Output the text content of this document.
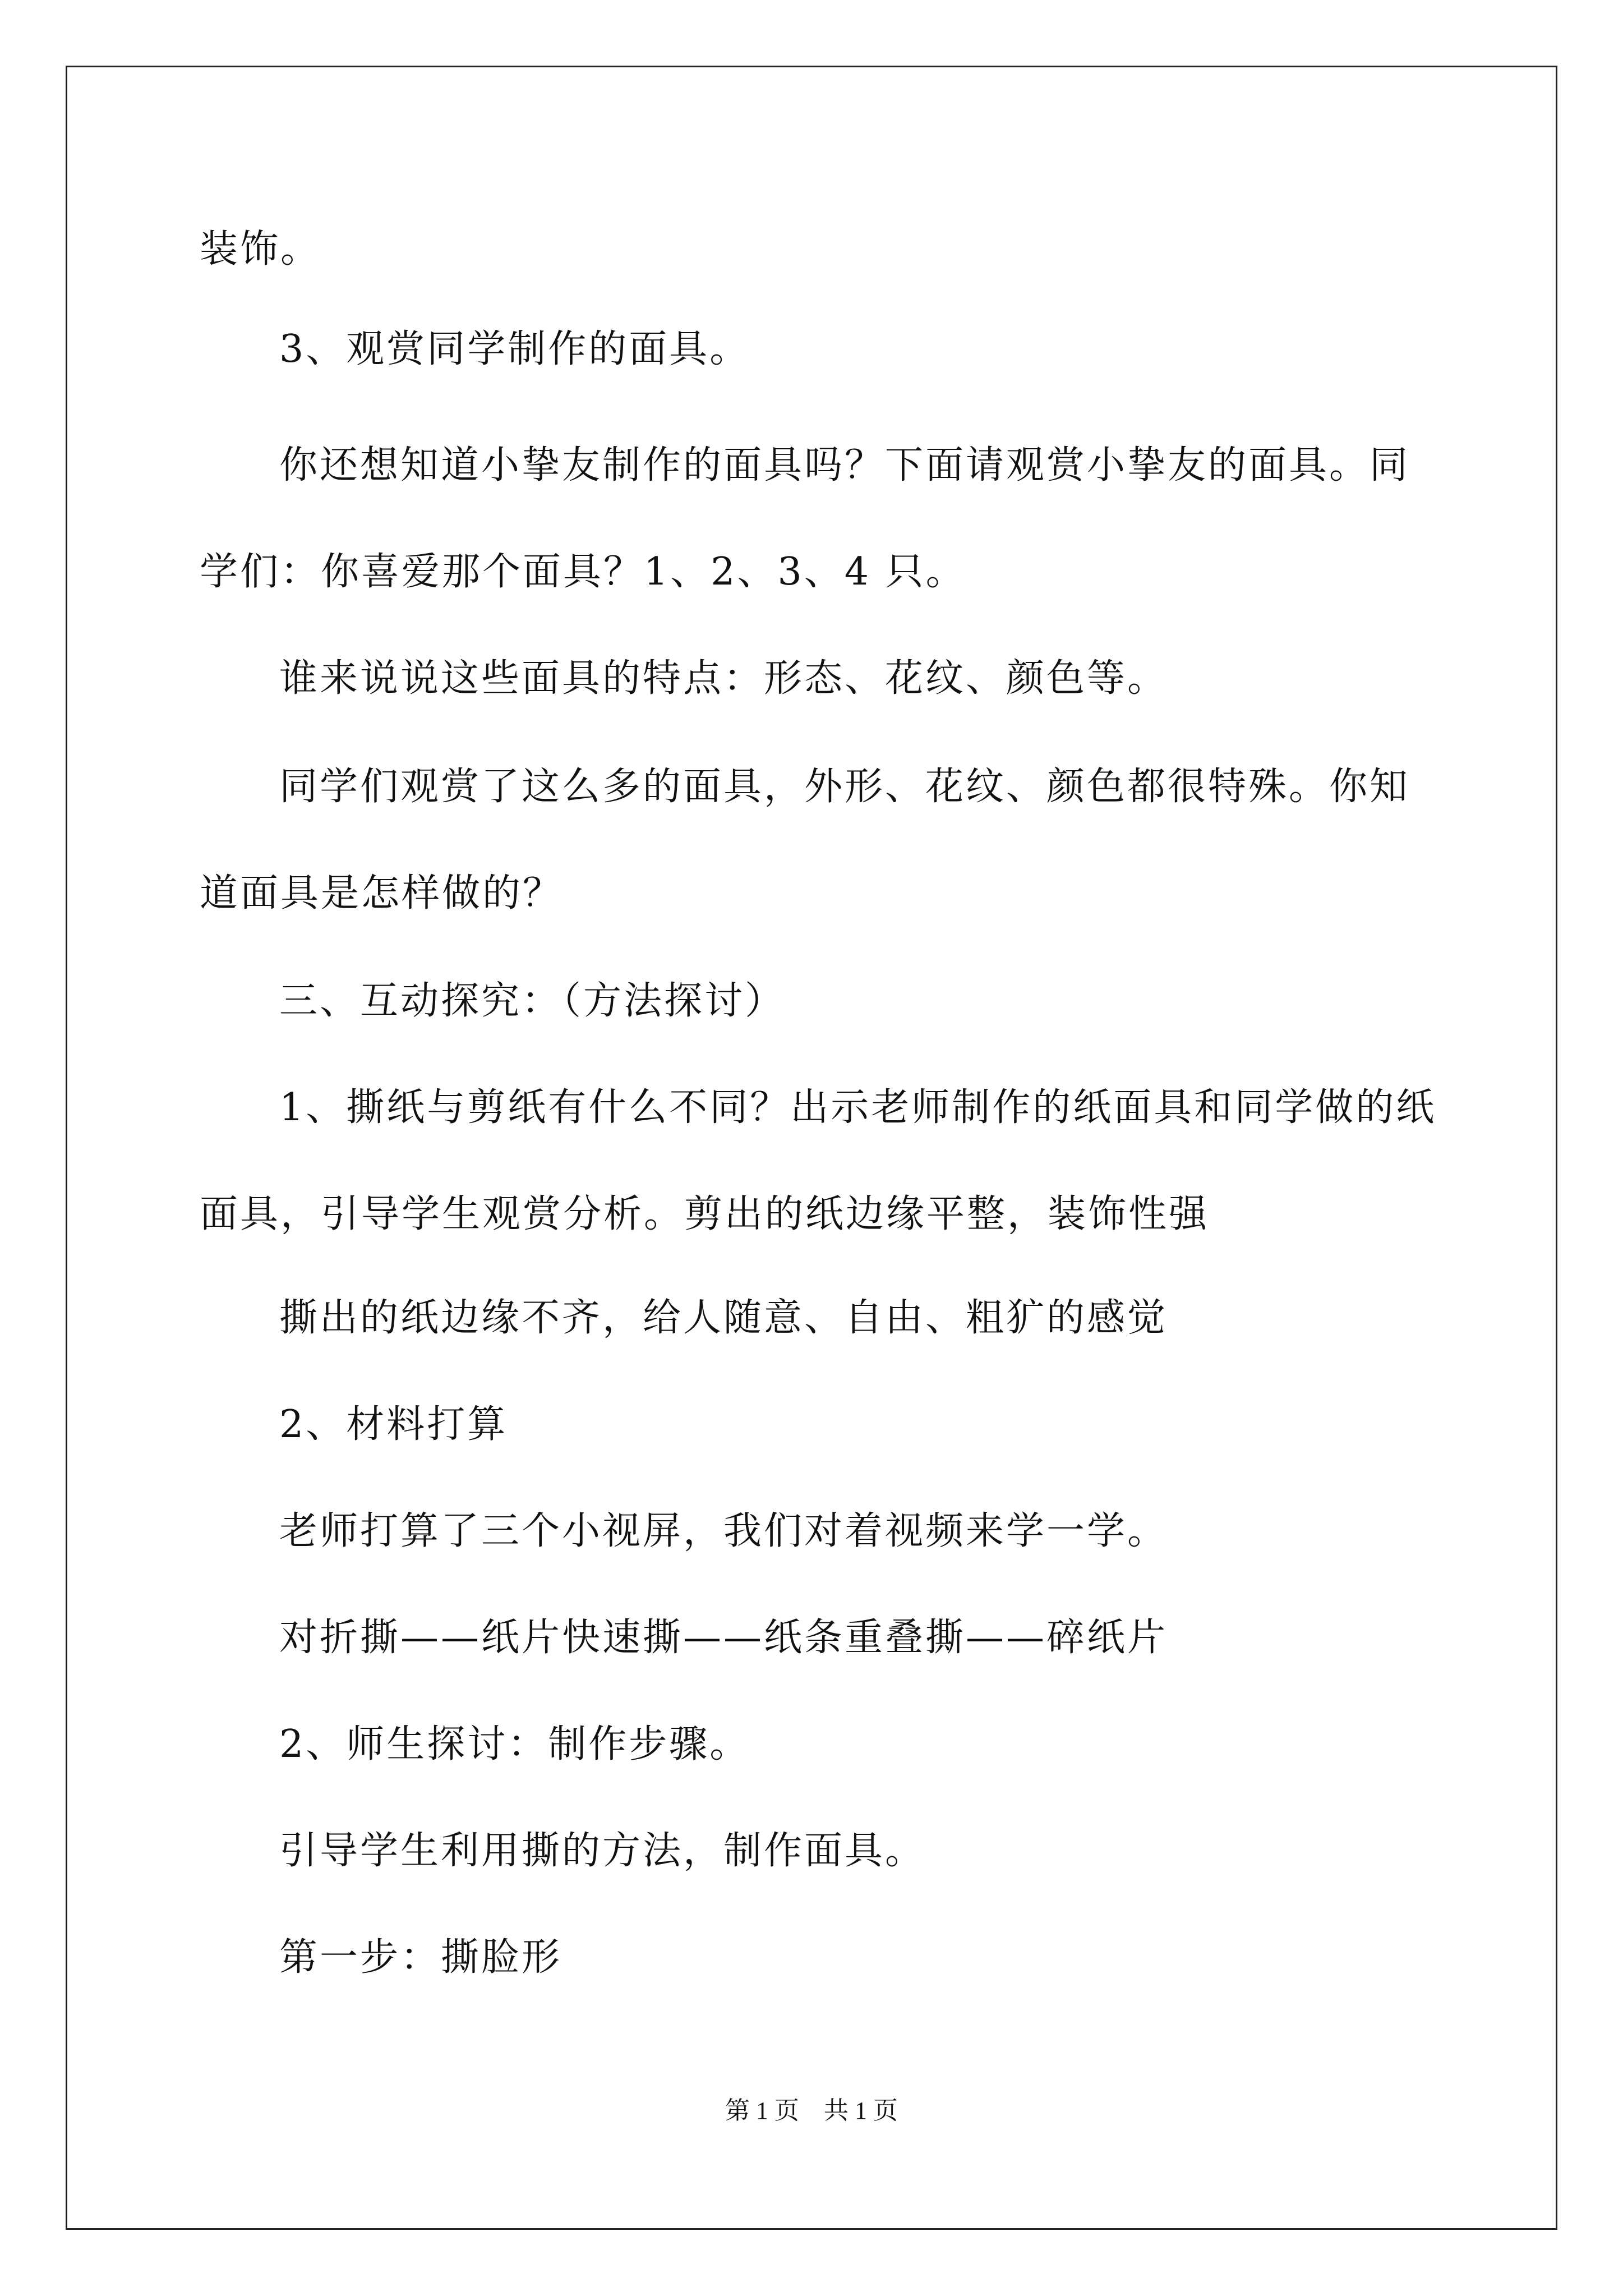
装饰。
3、观赏同学制作的面具。
你还想知道小挚友制作的面具吗？下面请观赏小挚友的面具。同
学们：你喜爱那个面具？1、2、3、4 只。
谁来说说这些面具的特点：形态、花纹、颜色等。
同学们观赏了这么多的面具，外形、花纹、颜色都很特殊。你知
道面具是怎样做的？
三、互动探究：（方法探讨）
1、撕纸与剪纸有什么不同？出示老师制作的纸面具和同学做的纸
面具，引导学生观赏分析。剪出的纸边缘平整，装饰性强
撕出的纸边缘不齐，给人随意、自由、粗犷的感觉
2、材料打算
老师打算了三个小视屏，我们对着视频来学一学。
对折撕——纸片快速撕——纸条重叠撕——碎纸片
2、师生探讨：制作步骤。
引导学生利用撕的方法，制作面具。
第一步：撕脸形
第 1 页　共 1 页
